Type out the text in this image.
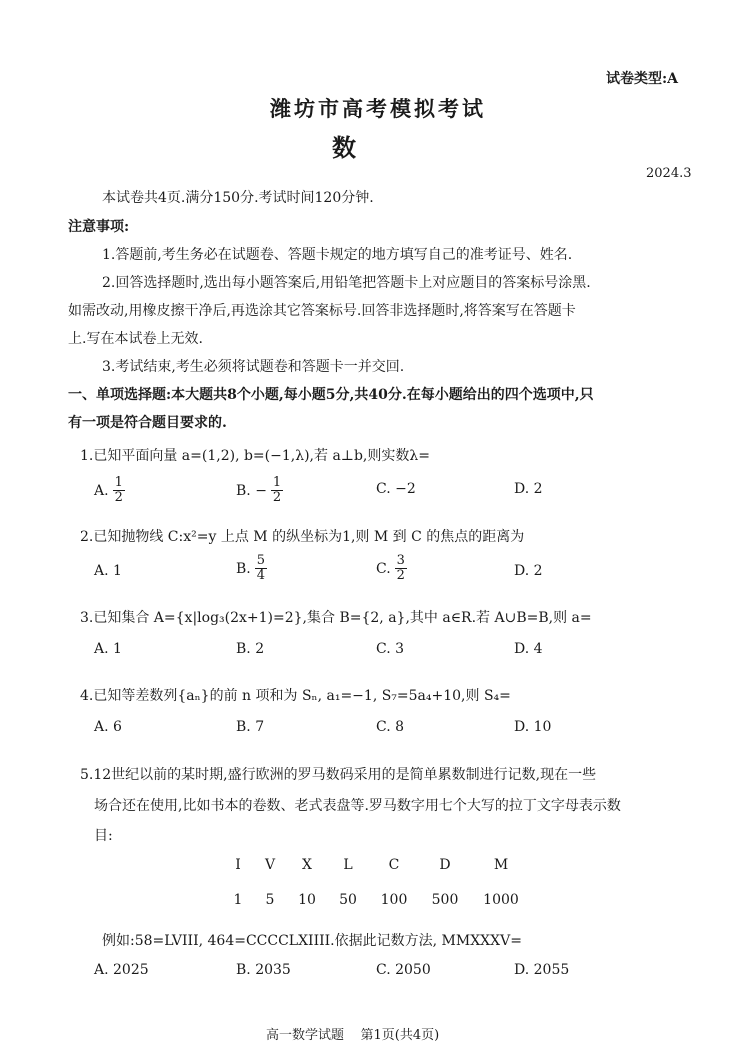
试卷类型:A
潍坊市高考模拟考试
数
2024.3
本试卷共4页.满分150分.考试时间120分钟.
注意事项:
1.答题前,考生务必在试题卷、答题卡规定的地方填写自己的准考证号、姓名.
2.回答选择题时,选出每小题答案后,用铅笔把答题卡上对应题目的答案标号涂黑.
如需改动,用橡皮擦干净后,再选涂其它答案标号.回答非选择题时,将答案写在答题卡
上.写在本试卷上无效.
3.考试结束,考生必须将试题卷和答题卡一并交回.
一、单项选择题:本大题共8个小题,每小题5分,共40分.在每小题给出的四个选项中,只
有一项是符合题目要求的.
1.已知平面向量 a=(1,2), b=(−1,λ),若 a⊥b,则实数λ=
A. $\frac{1}{2}$	B. − $\frac{1}{2}$	C. −2	D. 2
2.已知抛物线 C:x²=y 上点 M 的纵坐标为1,则 M 到 C 的焦点的距离为
A. 1	B. $\frac{5}{4}$	C. $\frac{3}{2}$	D. 2
3.已知集合 A={x|log₃(2x+1)=2},集合 B={2, a},其中 a∈R.若 A∪B=B,则 a=
A. 1	B. 2	C. 3	D. 4
4.已知等差数列{aₙ}的前 n 项和为 Sₙ, a₁=−1, S₇=5a₄+10,则 S₄=
A. 6	B. 7	C. 8	D. 10
5.12世纪以前的某时期,盛行欧洲的罗马数码采用的是简单累数制进行记数,现在一些
场合还在使用,比如书本的卷数、老式表盘等.罗马数字用七个大写的拉丁文字母表示数
目:
I	V	X	L	C	D	M
1	5	10	50	100	500	1000
例如:58=LVIII, 464=CCCCLXIIII.依据此记数方法, MMXXXV=
A. 2025	B. 2035	C. 2050	D. 2055
高一数学试题    第1页(共4页)
